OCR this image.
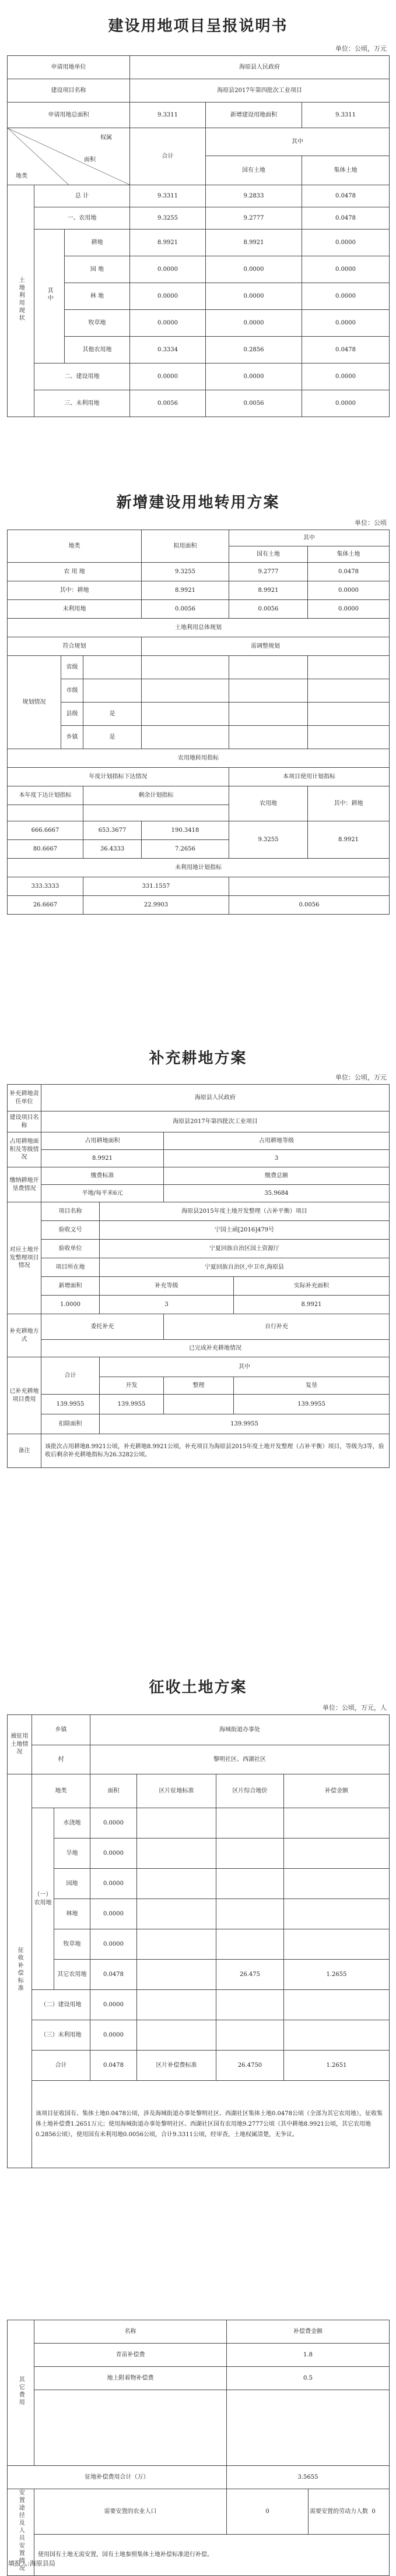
建设用地项目呈报说明书
单位：公顷，万元
申请用地单位			海原县人民政府		
建设项目名称			海原县2017年第四批次工业项目		
申请用地总面积			9.3311	新增建设用地面积	9.3311

权属
面积
地类			合计	其中	
				国有土地	集体土地
土地利用现状	总 计		9.3311	9.2833	0.0478
	一、农用地		9.3255	9.2777	0.0478
	其中	耕地	8.9921	8.9921	0.0000
		园 地	0.0000	0.0000	0.0000
		林 地	0.0000	0.0000	0.0000
		牧草地	0.0000	0.0000	0.0000
		其他农用地	0.3334	0.2856	0.0478
	二、建设用地		0.0000	0.0000	0.0000
	三、未利用地		0.0056	0.0056	0.0000
新增建设用地转用方案
单位：公顷
地类			拟用面积	其中	
				国有土地	集体土地
农 用 地			9.3255	9.2777	0.0478
其中：耕地			8.9921	8.9921	0.0000
未利用地			0.0056	0.0056	0.0000
土地利用总体规划					
符合规划			需调整规划		
规划情况	省级				
	市级				
	县级	是			
	乡镇	是			
农用地转用指标					
年度计划指标下达情况				本项目使用计划指标	
本年度下达计划指标		剩余计划指标		农用地	其中：耕地

666.6667		653.3677	190.3418	9.3255	8.9921
80.6667		36.4333	7.2656		
未利用地计划指标					
333.3333		331.1557			
26.6667		22.9903		0.0056	
补充耕地方案
单位：公顷，万元
补充耕地责任单位	海原县人民政府			
建设项目名称	海原县2017年第四批次工业项目			
占用耕地面积及等级情况	占用耕地面积		占用耕地等级	
	8.9921		3	
缴纳耕地开垦费情况	缴费标准		缴费总额	
	平地/每平米6元		35.9684	
对应土地开发整理项目情况	项目名称	海原县2015年度土地开发整理（占补平衡）项目		
	验收文号	宁国土函[2016]479号		
	验收单位	宁夏回族自治区国土资源厅		
	项目所在地	宁夏回族自治区,中卫市,海原县		
	新增面积	补充等级		实际补充面积
	1.0000	3		8.9921
补充耕地方式	委托补充		自行补充	
	已完成补充耕地情况			
已补充耕地项目费用	合计	其中		
		开发	整理	复垦
	139.9955	139.9955		139.9955
	扣除面积	139.9955		
备注	该批次占用耕地8.9921公顷，补充耕地8.9921公顷，补充项目为海原县2015年度土地开发整理（占补平衡）项目，等级为3等，验收后剩余补充耕地指标为26.3282公顷。			
征收土地方案
单位：公顷，万元，人
被征用土地情况	乡镇		海城街道办事处			
	村		黎明社区、西湖社区			
征收补偿标准	地类		面积	区片征地标准	区片综合地价	补偿金额
	（一）农用地	水浇地	0.0000			
		旱地	0.0000			
		园地	0.0000			
		林地	0.0000			
		牧草地	0.0000			
		其它农用地	0.0478		26.475	1.2655
	（二）建设用地		0.0000			
	（三）未利用地		0.0000			
	合计		0.0478	区片补偿费标准	26.4750	1.2651
	该项目征收国有、集体土地0.0478公顷，涉及海城街道办事处黎明社区、西湖社区集体土地0.0478公顷（全部为其它农用地），征收集体土地补偿费1.2651万元；使用海城街道办事处黎明社区、西湖社区国有农用地9.2777公顷（其中耕地8.9921公顷，其它农用地0.2856公顷），使用国有未利用地0.0056公顷，合计9.3311公顷，经审查，土地权属清楚，无争议。					
其它费用	名称	补偿费金额	
	青苗补偿费	1.8	
	地上附着物补偿费	0.5	

征地补偿费用合计（万）		3.5655	
安置途径及人员安置情况	需要安置的农业人口	0	需要安置的劳动力人数 0
	使用国有土地无需安置，国有土地参照集体土地补偿标准进行补偿。		
填报人:海原县局
